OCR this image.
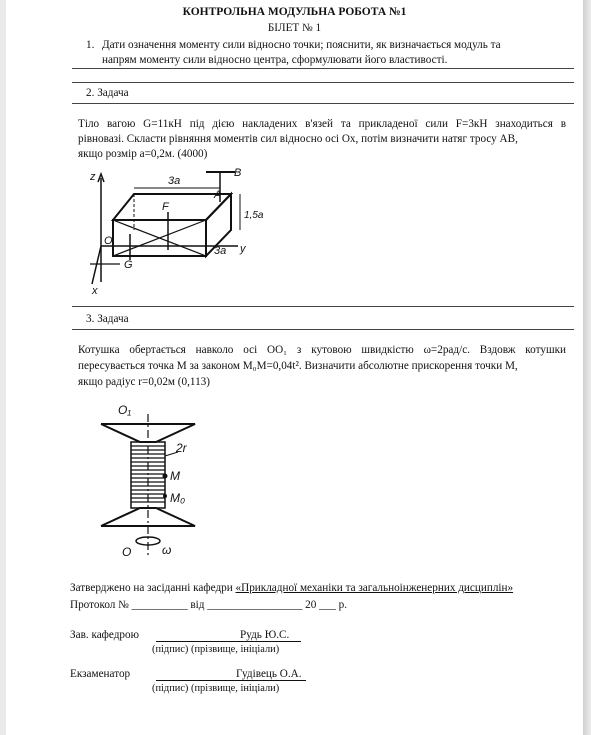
КОНТРОЛЬНА МОДУЛЬНА РОБОТА №1
БІЛЕТ № 1
1. Дати означення моменту сили відносно точки; пояснити, як визначається модуль та
напрям моменту сили відносно центра, сформулювати його властивості.
2. Задача
Тіло вагою G=11кН під дією накладених в'язей та прикладеної сили F=3кН знаходиться в
рівновазі. Скласти рівняння моментів сил відносно осі Ox, потім визначити натяг тросу AB,
якщо розмір a=0,2м. (4000)
z	3a
B
A
F
1,5a
O
G
3a y
x
3. Задача
Котушка обертається навколо осі OO₁ з кутовою швидкістю ω=2рад/с. Вздовж котушки
пересувається точка M за законом M₀M=0,04t². Визначити абсолютне прискорення точки M,
якщо радіус r=0,02м (0,113)
O₁
2r
M
M₀
O	ω
Затверджено на засіданні кафедри «Прикладної механіки та загальноінженерних дисциплін»
Протокол № __________ від _________________ 20 ___ р.
Зав. кафедрою	Рудь Ю.С.
(підпис) (прізвище, ініціали)
Екзаменатор	Гудівець О.А.
(підпис) (прізвище, ініціали)
